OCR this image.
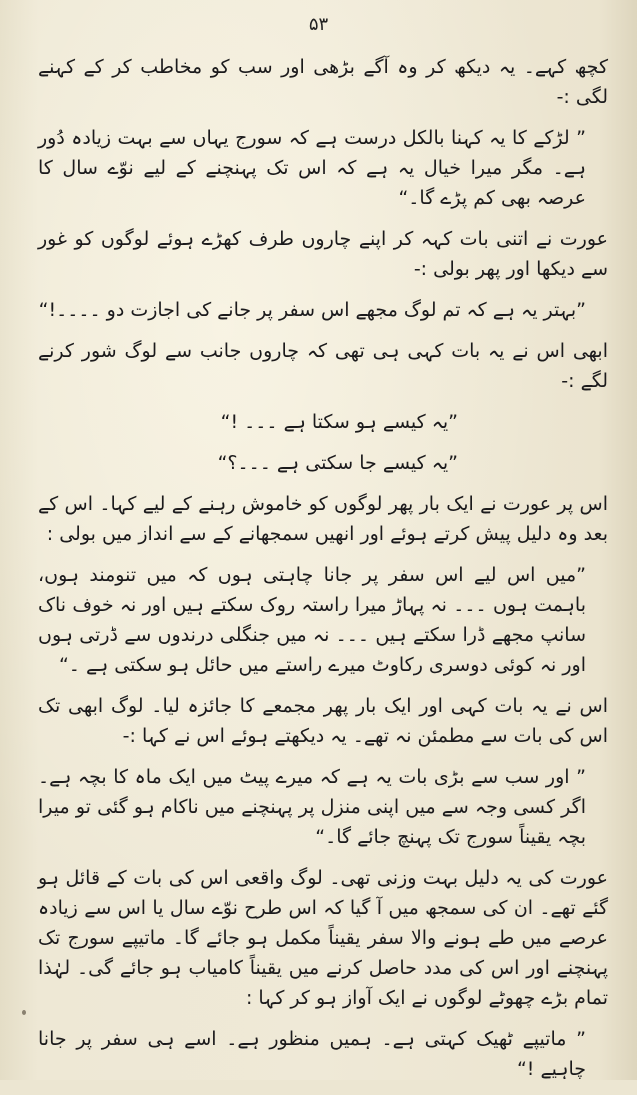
۵۳

کچھ کہے۔ یہ دیکھ کر وہ آگے بڑھی اور سب کو مخاطب کر کے کہنے لگی :-

” لڑکے کا یہ کہنا بالکل درست ہے کہ سورج یہاں سے بہت زیادہ دُور ہے۔ مگر میرا خیال یہ ہے کہ اس تک پہنچنے کے لیے نوّے سال کا عرصہ بھی کم پڑے گا۔“

عورت نے اتنی بات کہہ کر اپنے چاروں طرف کھڑے ہوئے لوگوں کو غور سے دیکھا اور پھر بولی :-

”بہتر یہ ہے کہ تم لوگ مجھے اس سفر پر جانے کی اجازت دو ۔۔۔۔!“

ابھی اس نے یہ بات کہی ہی تھی کہ چاروں جانب سے لوگ شور کرنے لگے :-

”یہ کیسے ہو سکتا ہے ۔۔۔ !“

”یہ کیسے جا سکتی ہے ۔۔۔؟“

اس پر عورت نے ایک بار پھر لوگوں کو خاموش رہنے کے لیے کہا۔ اس کے بعد وہ دلیل پیش کرتے ہوئے اور انھیں سمجھانے کے سے انداز میں بولی :

”میں اس لیے اس سفر پر جانا چاہتی ہوں کہ میں تنومند ہوں، باہمت ہوں ۔۔۔ نہ پہاڑ میرا راستہ روک سکتے ہیں اور نہ خوف ناک سانپ مجھے ڈرا سکتے ہیں ۔۔۔ نہ میں جنگلی درندوں سے ڈرتی ہوں اور نہ کوئی دوسری رکاوٹ میرے راستے میں حائل ہو سکتی ہے ۔“

اس نے یہ بات کہی اور ایک بار پھر مجمعے کا جائزہ لیا۔ لوگ ابھی تک اس کی بات سے مطمئن نہ تھے۔ یہ دیکھتے ہوئے اس نے کہا :-

” اور سب سے بڑی بات یہ ہے کہ میرے پیٹ میں ایک ماہ کا بچہ ہے۔ اگر کسی وجہ سے میں اپنی منزل پر پہنچنے میں ناکام ہو گئی تو میرا بچہ یقیناً سورج تک پہنچ جائے گا۔“

عورت کی یہ دلیل بہت وزنی تھی۔ لوگ واقعی اس کی بات کے قائل ہو گئے تھے۔ ان کی سمجھ میں آ گیا کہ اس طرح نوّے سال یا اس سے زیادہ عرصے میں طے ہونے والا سفر یقیناً مکمل ہو جائے گا۔ ماتیپے سورج تک پہنچنے اور اس کی مدد حاصل کرنے میں یقیناً کامیاب ہو جائے گی۔ لہٰذا تمام بڑے چھوٹے لوگوں نے ایک آواز ہو کر کہا :

” ماتیپے ٹھیک کہتی ہے۔ ہمیں منظور ہے۔ اسے ہی سفر پر جانا چاہیے !“
